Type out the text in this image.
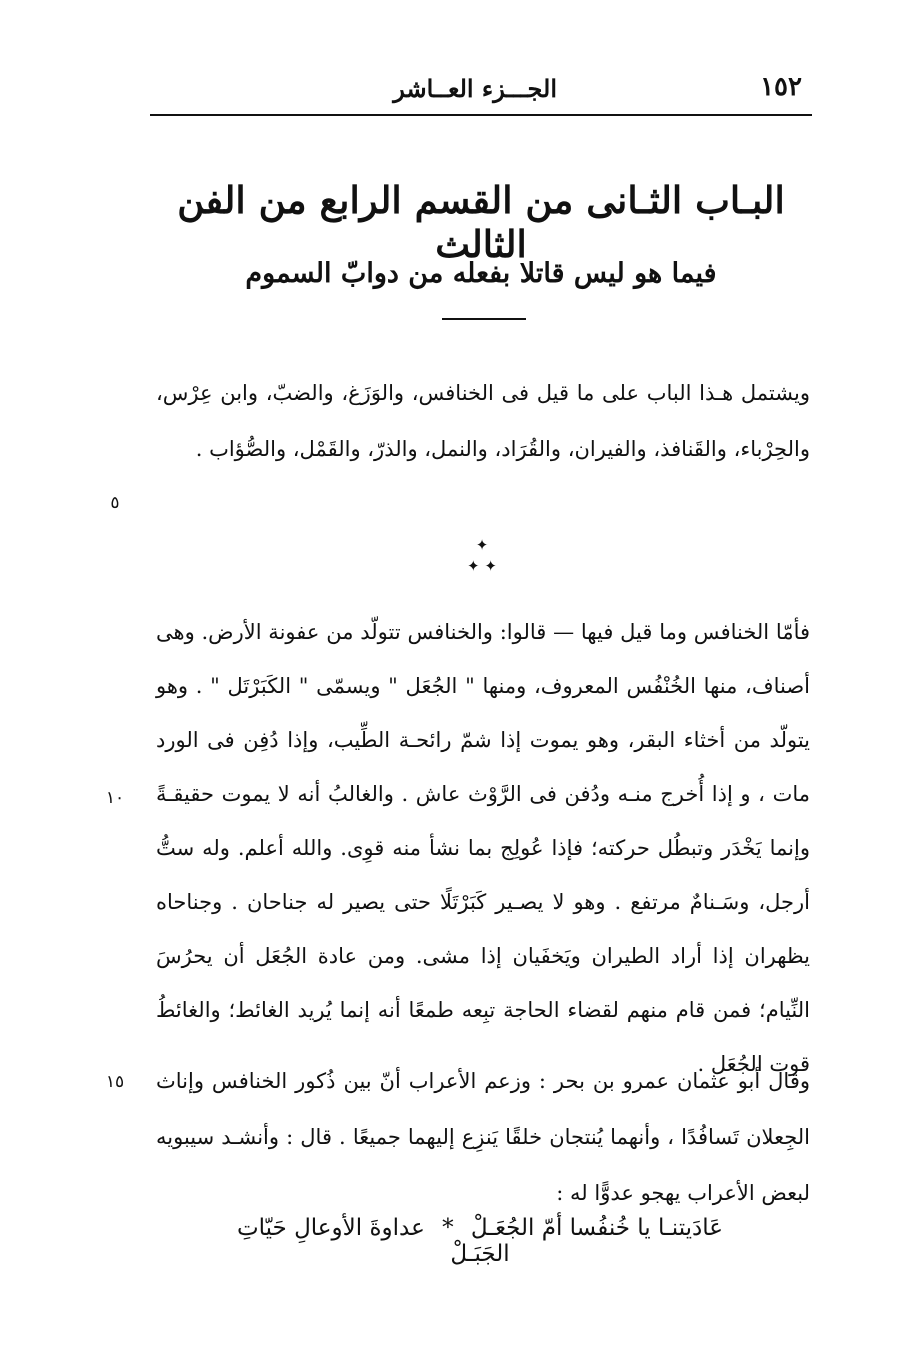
١٥٢
الجـــزء العــاشر
البـاب الثـانى من القسم الرابع من الفن الثالث
فيما هو ليس قاتلا بفعله من دوابّ السموم

ويشتمل هـذا الباب على ما قيل فى الخنافس، والوَزَغ، والضبّ، وابن عِرْس، والحِرْباء، والقَنافذ، والفيران، والقُرَاد، والنمل، والذرّ، والقَمْل، والصُّؤاب .

٥
✦
✦ ✦

فأمّا الخنافس وما قيل فيها — قالوا: والخنافس تتولّد من عفونة الأرض. وهى أصناف، منها الخُنْفُس المعروف، ومنها " الجُعَل " ويسمّى " الكَبَرْتَل " . وهو يتولّد من أخثاء البقر، وهو يموت إذا شمّ رائحـة الطِّيب، وإذا دُفِن فى الورد مات ، و إذا أُخرج منـه ودُفن فى الرَّوْث عاش . والغالبُ أنه لا يموت حقيقـةً وإنما يَخْدَر وتبطُل حركته؛ فإذا عُولِج بما نشأ منه قوِى. والله أعلم. وله ستُّ أرجل، وسَـنامٌ مرتفع . وهو لا يصـير كَبَرْتَلًا حتى يصير له جناحان . وجناحاه يظهران إذا أراد الطيران ويَخفَيان إذا مشى. ومن عادة الجُعَل أن يحرُسَ النِّيام؛ فمن قام منهم لقضاء الحاجة تبِعه طمعًا أنه إنما يُريد الغائط؛ والغائطُ قوت الجُعَل .

١٠

وقال أبو عثمان عمرو بن بحر : وزعم الأعراب أنّ بين ذُكور الخنافس وإناث الجِعلان تَسافُدًا ، وأنهما يُنتجان خلقًا يَنزِع إليهما جميعًا . قال : وأنشـد سيبويه لبعض الأعراب يهجو عدوًّا له :

١٥
عَادَيتنـا يا خُنفُسا أمّ الجُعَـلْ * عداوةَ الأوعالِ حَيّاتِ الجَبَـلْ
